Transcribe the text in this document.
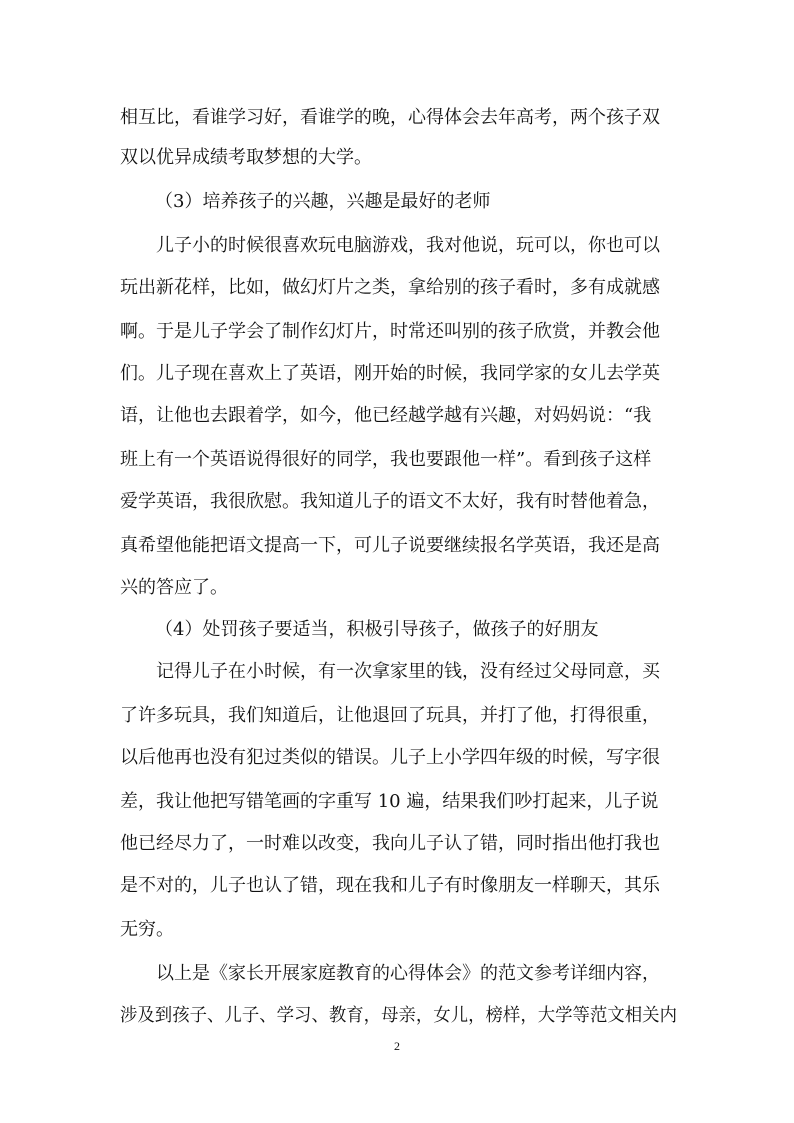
相互比，看谁学习好，看谁学的晚，心得体会去年高考，两个孩子双
双以优异成绩考取梦想的大学。
（3）培养孩子的兴趣，兴趣是最好的老师
儿子小的时候很喜欢玩电脑游戏，我对他说，玩可以，你也可以
玩出新花样，比如，做幻灯片之类，拿给别的孩子看时，多有成就感
啊。于是儿子学会了制作幻灯片，时常还叫别的孩子欣赏，并教会他
们。儿子现在喜欢上了英语，刚开始的时候，我同学家的女儿去学英
语，让他也去跟着学，如今，他已经越学越有兴趣，对妈妈说：“我
班上有一个英语说得很好的同学，我也要跟他一样”。看到孩子这样
爱学英语，我很欣慰。我知道儿子的语文不太好，我有时替他着急，
真希望他能把语文提高一下，可儿子说要继续报名学英语，我还是高
兴的答应了。
（4）处罚孩子要适当，积极引导孩子，做孩子的好朋友
记得儿子在小时候，有一次拿家里的钱，没有经过父母同意，买
了许多玩具，我们知道后，让他退回了玩具，并打了他，打得很重，
以后他再也没有犯过类似的错误。儿子上小学四年级的时候，写字很
差，我让他把写错笔画的字重写 10 遍，结果我们吵打起来，儿子说
他已经尽力了，一时难以改变，我向儿子认了错，同时指出他打我也
是不对的，儿子也认了错，现在我和儿子有时像朋友一样聊天，其乐
无穷。
以上是《家长开展家庭教育的心得体会》的范文参考详细内容，
涉及到孩子、儿子、学习、教育，母亲，女儿，榜样，大学等范文相关内
2
